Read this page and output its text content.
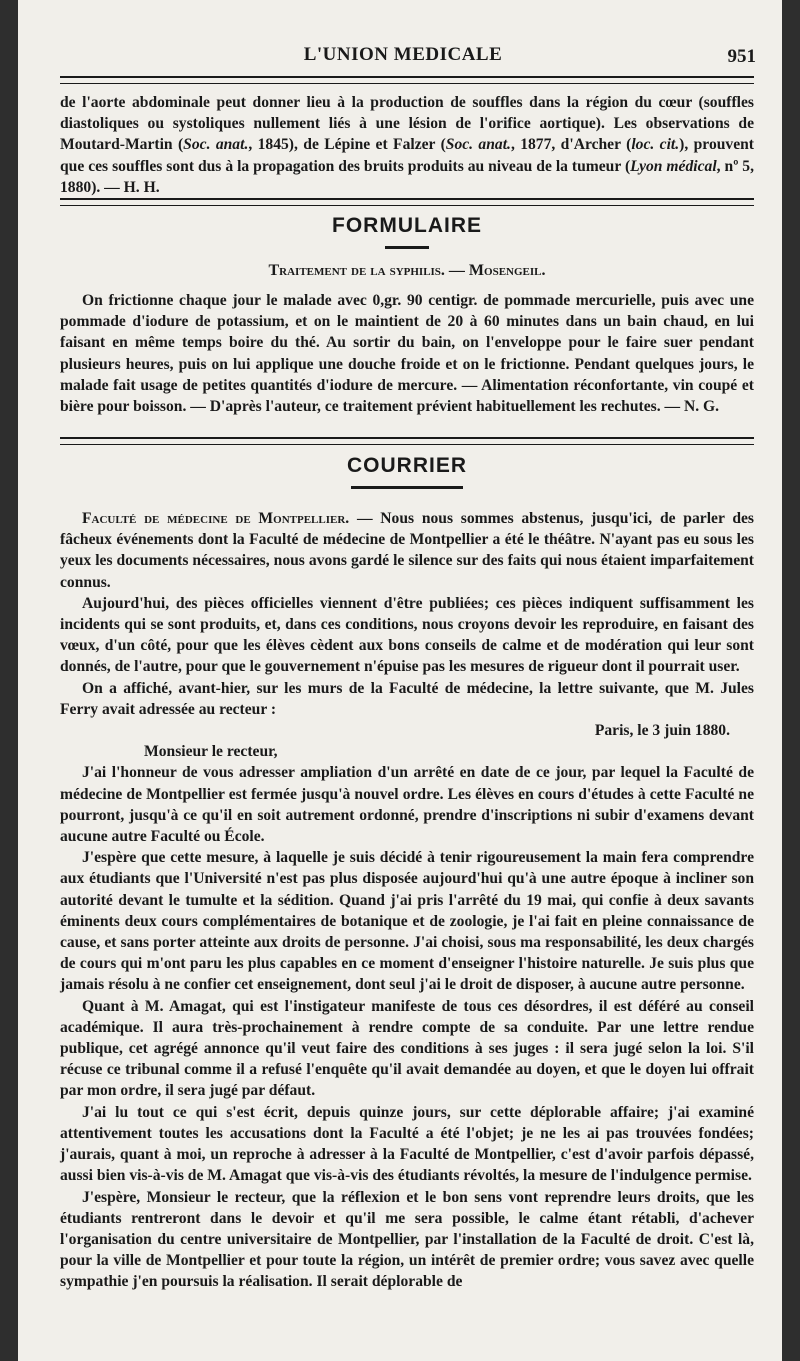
L'UNION MEDICALE	951

de l'aorte abdominale peut donner lieu à la production de souffles dans la région du cœur (souffles diastoliques ou systoliques nullement liés à une lésion de l'orifice aortique). Les observations de Moutard-Martin (Soc. anat., 1845), de Lépine et Falzer (Soc. anat., 1877, d'Archer (loc. cit.), prouvent que ces souffles sont dus à la propagation des bruits produits au niveau de la tumeur (Lyon médical, nº 5, 1880). — H. H.

FORMULAIRE
Traitement de la syphilis. — Mosengeil.

On frictionne chaque jour le malade avec 0,gr. 90 centigr. de pommade mercurielle, puis avec une pommade d'iodure de potassium, et on le maintient de 20 à 60 minutes dans un bain chaud, en lui faisant en même temps boire du thé. Au sortir du bain, on l'enveloppe pour le faire suer pendant plusieurs heures, puis on lui applique une douche froide et on le frictionne. Pendant quelques jours, le malade fait usage de petites quantités d'iodure de mercure. — Alimentation réconfortante, vin coupé et bière pour boisson. — D'après l'auteur, ce traitement prévient habituellement les rechutes. — N. G.

COURRIER

Faculté de médecine de Montpellier. — Nous nous sommes abstenus, jusqu'ici, de parler des fâcheux événements dont la Faculté de médecine de Montpellier a été le théâtre. N'ayant pas eu sous les yeux les documents nécessaires, nous avons gardé le silence sur des faits qui nous étaient imparfaitement connus.

Aujourd'hui, des pièces officielles viennent d'être publiées; ces pièces indiquent suffisamment les incidents qui se sont produits, et, dans ces conditions, nous croyons devoir les reproduire, en faisant des vœux, d'un côté, pour que les élèves cèdent aux bons conseils de calme et de modération qui leur sont donnés, de l'autre, pour que le gouvernement n'épuise pas les mesures de rigueur dont il pourrait user.

On a affiché, avant-hier, sur les murs de la Faculté de médecine, la lettre suivante, que M. Jules Ferry avait adressée au recteur :

Paris, le 3 juin 1880.

Monsieur le recteur,

J'ai l'honneur de vous adresser ampliation d'un arrêté en date de ce jour, par lequel la Faculté de médecine de Montpellier est fermée jusqu'à nouvel ordre. Les élèves en cours d'études à cette Faculté ne pourront, jusqu'à ce qu'il en soit autrement ordonné, prendre d'inscriptions ni subir d'examens devant aucune autre Faculté ou École.

J'espère que cette mesure, à laquelle je suis décidé à tenir rigoureusement la main fera comprendre aux étudiants que l'Université n'est pas plus disposée aujourd'hui qu'à une autre époque à incliner son autorité devant le tumulte et la sédition. Quand j'ai pris l'arrêté du 19 mai, qui confie à deux savants éminents deux cours complémentaires de botanique et de zoologie, je l'ai fait en pleine connaissance de cause, et sans porter atteinte aux droits de personne. J'ai choisi, sous ma responsabilité, les deux chargés de cours qui m'ont paru les plus capables en ce moment d'enseigner l'histoire naturelle. Je suis plus que jamais résolu à ne confier cet enseignement, dont seul j'ai le droit de disposer, à aucune autre personne.

Quant à M. Amagat, qui est l'instigateur manifeste de tous ces désordres, il est déféré au conseil académique. Il aura très-prochainement à rendre compte de sa conduite. Par une lettre rendue publique, cet agrégé annonce qu'il veut faire des conditions à ses juges : il sera jugé selon la loi. S'il récuse ce tribunal comme il a refusé l'enquête qu'il avait demandée au doyen, et que le doyen lui offrait par mon ordre, il sera jugé par défaut.

J'ai lu tout ce qui s'est écrit, depuis quinze jours, sur cette déplorable affaire; j'ai examiné attentivement toutes les accusations dont la Faculté a été l'objet; je ne les ai pas trouvées fondées; j'aurais, quant à moi, un reproche à adresser à la Faculté de Montpellier, c'est d'avoir parfois dépassé, aussi bien vis-à-vis de M. Amagat que vis-à-vis des étudiants révoltés, la mesure de l'indulgence permise.

J'espère, Monsieur le recteur, que la réflexion et le bon sens vont reprendre leurs droits, que les étudiants rentreront dans le devoir et qu'il me sera possible, le calme étant rétabli, d'achever l'organisation du centre universitaire de Montpellier, par l'installation de la Faculté de droit. C'est là, pour la ville de Montpellier et pour toute la région, un intérêt de premier ordre; vous savez avec quelle sympathie j'en poursuis la réalisation. Il serait déplorable de
